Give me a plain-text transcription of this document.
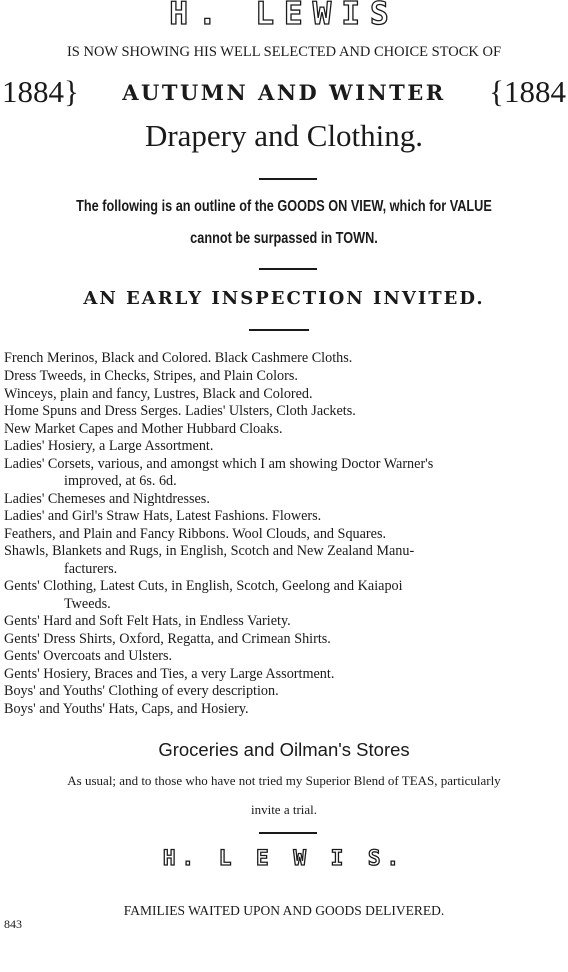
H. LEWIS
IS NOW SHOWING HIS WELL SELECTED AND CHOICE STOCK OF
1884}	AUTUMN AND WINTER	{1884
Drapery and Clothing.
The following is an outline of the GOODS ON VIEW, which for VALUE
cannot be surpassed in TOWN.
AN EARLY INSPECTION INVITED.
French Merinos, Black and Colored. Black Cashmere Cloths.
Dress Tweeds, in Checks, Stripes, and Plain Colors.
Winceys, plain and fancy, Lustres, Black and Colored.
Home Spuns and Dress Serges. Ladies' Ulsters, Cloth Jackets.
New Market Capes and Mother Hubbard Cloaks.
Ladies' Hosiery, a Large Assortment.
Ladies' Corsets, various, and amongst which I am showing Doctor Warner's
improved, at 6s. 6d.
Ladies' Chemeses and Nightdresses.
Ladies' and Girl's Straw Hats, Latest Fashions. Flowers.
Feathers, and Plain and Fancy Ribbons. Wool Clouds, and Squares.
Shawls, Blankets and Rugs, in English, Scotch and New Zealand Manu-
facturers.
Gents' Clothing, Latest Cuts, in English, Scotch, Geelong and Kaiapoi
Tweeds.
Gents' Hard and Soft Felt Hats, in Endless Variety.
Gents' Dress Shirts, Oxford, Regatta, and Crimean Shirts.
Gents' Overcoats and Ulsters.
Gents' Hosiery, Braces and Ties, a very Large Assortment.
Boys' and Youths' Clothing of every description.
Boys' and Youths' Hats, Caps, and Hosiery.
Groceries and Oilman's Stores
As usual; and to those who have not tried my Superior Blend of TEAS, particularly
invite a trial.
H. L E W I S.
FAMILIES WAITED UPON AND GOODS DELIVERED.
843
